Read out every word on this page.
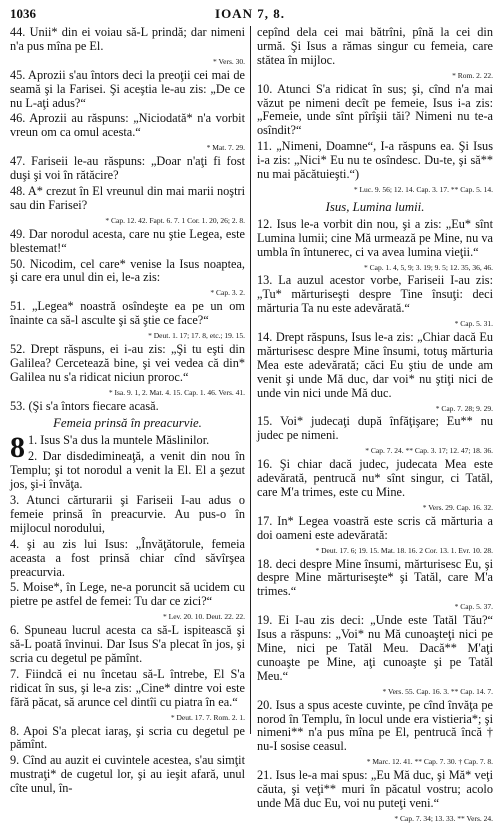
1036	IOAN 7, 8.
44. Unii* din ei voiau să-L prindă; dar nimeni n'a pus mîna pe El.
* Vers. 30.
45. Aprozii s'au întors deci la preoţii cei mai de seamă şi la Farisei. Şi aceştia le-au zis: „De ce nu L-aţi adus?“
46. Aprozii au răspuns: „Niciodată* n'a vorbit vreun om ca omul acesta.“
* Mat. 7. 29.
47. Fariseii le-au răspuns: „Doar n'aţi fi fost duşi şi voi în rătăcire?
48. A* crezut în El vreunul din mai marii noştri sau din Farisei?
* Cap. 12. 42. Fapt. 6. 7. 1 Cor. 1. 20, 26; 2. 8.
49. Dar norodul acesta, care nu ştie Legea, este blestemat!“
50. Nicodim, cel care* venise la Isus noaptea, şi care era unul din ei, le-a zis:
* Cap. 3. 2.
51. „Legea* noastră osîndeşte ea pe un om înainte ca să-l asculte şi să ştie ce face?“
* Deut. 1. 17; 17. 8, etc.; 19. 15.
52. Drept răspuns, ei i-au zis: „Şi tu eşti din Galilea? Cercetează bine, şi vei vedea că din* Galilea nu s'a ridicat niciun proroc.“
* Isa. 9. 1, 2. Mat. 4. 15. Cap. 1. 46. Vers. 41.
53. (Şi s'a întors fiecare acasă.
Femeia prinsă în preacurvie.
8 1. Isus S'a dus la muntele Măslinilor.
2. Dar disdedimineaţă, a venit din nou în Templu; şi tot norodul a venit la El. El a şezut jos, şi-i învăţa.
3. Atunci cărturarii şi Fariseii I-au adus o femeie prinsă în preacurvie. Au pus-o în mijlocul norodului,
4. şi au zis lui Isus: „Învăţătorule, femeia aceasta a fost prinsă chiar cînd săvîrşea preacurvia.
5. Moise*, în Lege, ne-a poruncit să ucidem cu pietre pe astfel de femei: Tu dar ce zici?“
* Lev. 20. 10. Deut. 22. 22.
6. Spuneau lucrul acesta ca să-L ispitească şi să-L poată învinui. Dar Isus S'a plecat în jos, şi scria cu degetul pe pămînt.
7. Fiindcă ei nu încetau să-L întrebe, El S'a ridicat în sus, şi le-a zis: „Cine* dintre voi este fără păcat, să arunce cel dintîi cu piatra în ea.“
* Deut. 17. 7. Rom. 2. 1.
8. Apoi S'a plecat iaraş, şi scria cu degetul pe pămînt.
9. Cînd au auzit ei cuvintele acestea, s'au simţit mustraţi* de cugetul lor, şi au ieşit afară, unul cîte unul, în-
cepînd dela cei mai bătrîni, pînă la cei din urmă. Şi Isus a rămas singur cu femeia, care stătea în mijloc.
* Rom. 2. 22.
10. Atunci S'a ridicat în sus; şi, cînd n'a mai văzut pe nimeni decît pe femeie, Isus i-a zis: „Femeie, unde sînt pîrîşii tăi? Nimeni nu te-a osîndit?“
11. „Nimeni, Doamne“, I-a răspuns ea. Şi Isus i-a zis: „Nici* Eu nu te osîndesc. Du-te, şi să** nu mai păcătuieşti.“)
* Luc. 9. 56; 12. 14. Cap. 3. 17. ** Cap. 5. 14.
Isus, Lumina lumii.
12. Isus le-a vorbit din nou, şi a zis: „Eu* sînt Lumina lumii; cine Mă urmează pe Mine, nu va umbla în întunerec, ci va avea lumina vieţii.“
* Cap. 1. 4, 5, 9; 3. 19; 9. 5; 12. 35, 36, 46.
13. La auzul acestor vorbe, Fariseii I-au zis: „Tu* mărturiseşti despre Tine însuţi: deci mărturia Ta nu este adevărată.“
* Cap. 5. 31.
14. Drept răspuns, Isus le-a zis: „Chiar dacă Eu mărturisesc despre Mine însumi, totuş mărturia Mea este adevărată; căci Eu ştiu de unde am venit şi unde Mă duc, dar voi* nu ştiţi nici de unde vin nici unde Mă duc.
* Cap. 7. 28; 9. 29.
15. Voi* judecaţi după înfăţişare; Eu** nu judec pe nimeni.
* Cap. 7. 24. ** Cap. 3. 17; 12. 47; 18. 36.
16. Şi chiar dacă judec, judecata Mea este adevărată, pentrucă nu* sînt singur, ci Tatăl, care M'a trimes, este cu Mine.
* Vers. 29. Cap. 16. 32.
17. In* Legea voastră este scris că mărturia a doi oameni este adevărată:
* Deut. 17. 6; 19. 15. Mat. 18. 16. 2 Cor. 13. 1. Evr. 10. 28.
18. deci despre Mine însumi, mărturisesc Eu, şi despre Mine mărturiseşte* şi Tatăl, care M'a trimes.“
* Cap. 5. 37.
19. Ei I-au zis deci: „Unde este Tatăl Tău?“ Isus a răspuns: „Voi* nu Mă cunoaşteţi nici pe Mine, nici pe Tatăl Meu. Dacă** M'aţi cunoaşte pe Mine, aţi cunoaşte şi pe Tatăl Meu.“
* Vers. 55. Cap. 16. 3. ** Cap. 14. 7.
20. Isus a spus aceste cuvinte, pe cînd învăţa pe norod în Templu, în locul unde era vistieria*; şi nimeni** n'a pus mîna pe El, pentrucă încă † nu-I sosise ceasul.
* Marc. 12. 41. ** Cap. 7. 30. † Cap. 7. 8.
21. Isus le-a mai spus: „Eu Mă duc, şi Mă* veţi căuta, şi veţi** muri în păcatul vostru; acolo unde Mă duc Eu, voi nu puteţi veni.“
* Cap. 7. 34; 13. 33. ** Vers. 24.
